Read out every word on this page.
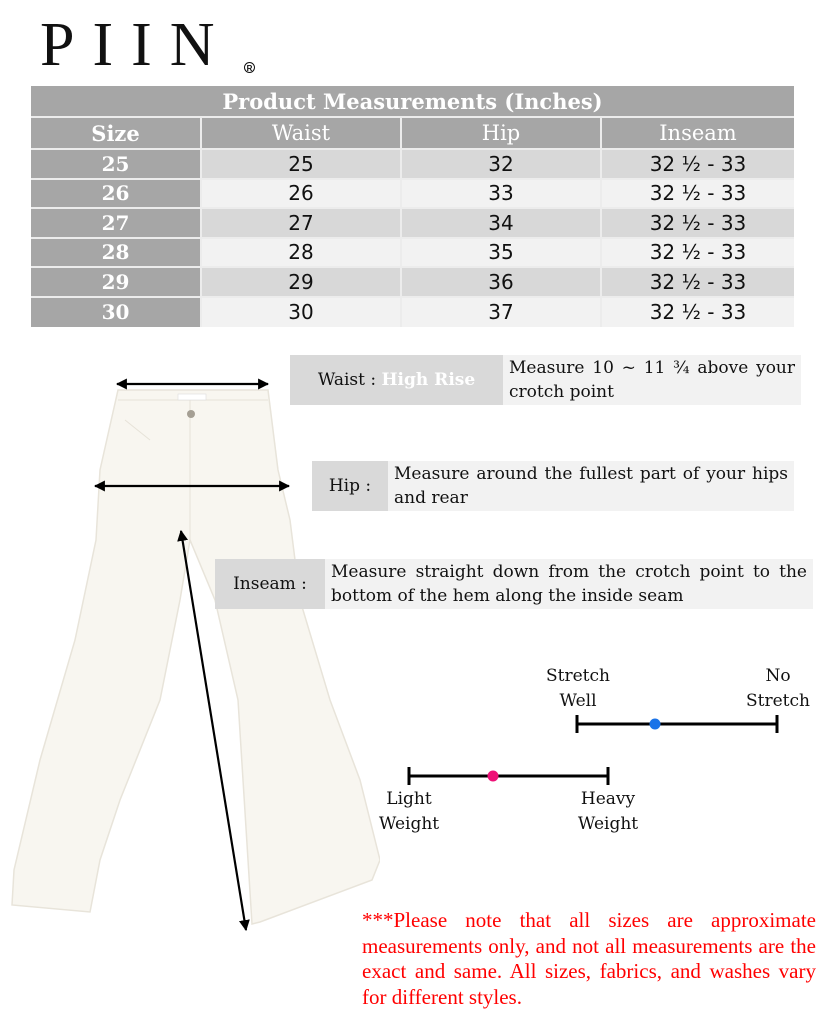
PIIN	R
Product Measurements (Inches)
Size	Waist	Hip	Inseam
25	25	32	32 ½ - 33
26	26	33	32 ½ - 33
27	27	34	32 ½ - 33
28	28	35	32 ½ - 33
29	29	36	32 ½ - 33
30	30	37	32 ½ - 33
Waist :
High Rise
Measure 10 ~ 11 ¾ above your crotch point
Hip :
Measure around the fullest part of your hips and rear
Inseam :
Measure straight down from the crotch point to the bottom of the hem along the inside seam
Stretch
Well
No
Stretch
Light
Weight
Heavy
Weight
***Please note that all sizes are approximate measurements only, and not all measurements are the exact and same. All sizes, fabrics, and washes vary for different styles.
